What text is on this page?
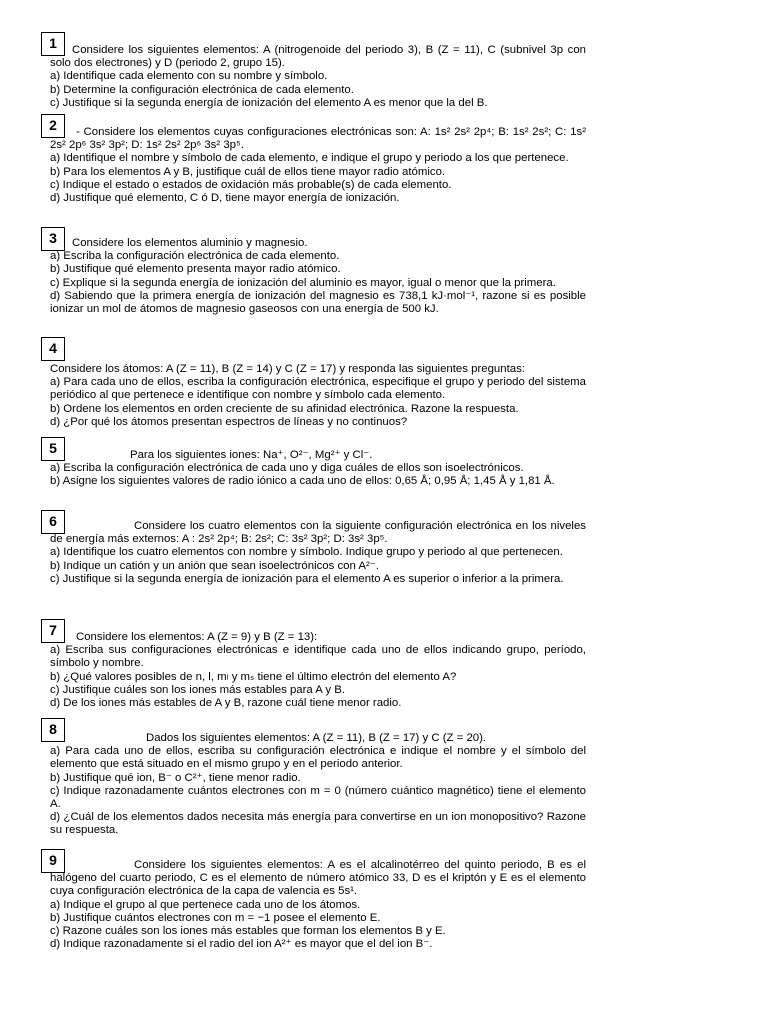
1	Considere los siguientes elementos: A (nitrogenoide del periodo 3), B (Z = 11), C (subnivel 3p con solo dos electrones) y D (periodo 2, grupo 15).
a) Identifique cada elemento con su nombre y símbolo.
b) Determine la configuración electrónica de cada elemento.
c) Justifique si la segunda energía de ionización del elemento A es menor que la del B.
2	- Considere los elementos cuyas configuraciones electrónicas son: A: 1s² 2s² 2p⁴; B: 1s² 2s²; C: 1s² 2s² 2p⁶ 3s² 3p²; D: 1s² 2s² 2p⁶ 3s² 3p⁵.
a) Identifique el nombre y símbolo de cada elemento, e indique el grupo y periodo a los que pertenece.
b) Para los elementos A y B, justifique cuál de ellos tiene mayor radio atómico.
c) Indique el estado o estados de oxidación más probable(s) de cada elemento.
d) Justifique qué elemento, C ó D, tiene mayor energía de ionización.
3	Considere los elementos aluminio y magnesio.
a) Escriba la configuración electrónica de cada elemento.
b) Justifique qué elemento presenta mayor radio atómico.
c) Explique si la segunda energía de ionización del aluminio es mayor, igual o menor que la primera.
d) Sabiendo que la primera energía de ionización del magnesio es 738,1 kJ·mol⁻¹, razone si es posible ionizar un mol de átomos de magnesio gaseosos con una energía de 500 kJ.
4
Considere los átomos: A (Z = 11), B (Z = 14) y C (Z = 17) y responda las siguientes preguntas:
a) Para cada uno de ellos, escriba la configuración electrónica, especifique el grupo y periodo del sistema periódico al que pertenece e identifique con nombre y símbolo cada elemento.
b) Ordene los elementos en orden creciente de su afinidad electrónica. Razone la respuesta.
d) ¿Por qué los átomos presentan espectros de líneas y no continuos?
5	Para los siguientes iones: Na⁺, O²⁻, Mg²⁺ y Cl⁻.
a) Escriba la configuración electrónica de cada uno y diga cuáles de ellos son isoelectrónicos.
b) Asigne los siguientes valores de radio iónico a cada uno de ellos: 0,65 Å; 0,95 Å; 1,45 Å y 1,81 Å.
6	Considere los cuatro elementos con la siguiente configuración electrónica en los niveles de energía más externos: A : 2s² 2p⁴; B: 2s²; C: 3s² 3p²; D: 3s² 3p⁵.
a) Identifique los cuatro elementos con nombre y símbolo. Indique grupo y periodo al que pertenecen.
b) Indique un catión y un anión que sean isoelectrónicos con A²⁻.
c) Justifique si la segunda energía de ionización para el elemento A es superior o inferior a la primera.
7	Considere los elementos: A (Z = 9) y B (Z = 13):
a) Escriba sus configuraciones electrónicas e identifique cada uno de ellos indicando grupo, período, símbolo y nombre.
b) ¿Qué valores posibles de n, l, mₗ y mₛ tiene el último electrón del elemento A?
c) Justifique cuáles son los iones más estables para A y B.
d) De los iones más estables de A y B, razone cuál tiene menor radio.
8
Dados los siguientes elementos: A (Z = 11), B (Z = 17) y C (Z = 20).
a) Para cada uno de ellos, escriba su configuración electrónica e indique el nombre y el símbolo del elemento que está situado en el mismo grupo y en el periodo anterior.
b) Justifique qué ion, B⁻ o C²⁺, tiene menor radio.
c) Indique razonadamente cuántos electrones con m = 0 (número cuántico magnético) tiene el elemento A.
d) ¿Cuál de los elementos dados necesita más energía para convertirse en un ion monopositivo? Razone su respuesta.
9	Considere los siguientes elementos: A es el alcalinotérreo del quinto periodo, B es el halógeno del cuarto periodo, C es el elemento de número atómico 33, D es el kriptón y E es el elemento cuya configuración electrónica de la capa de valencia es 5s¹.
a) Indique el grupo al que pertenece cada uno de los átomos.
b) Justifique cuántos electrones con m = −1 posee el elemento E.
c) Razone cuáles son los iones más estables que forman los elementos B y E.
d) Indique razonadamente si el radio del ion A²⁺ es mayor que el del ion B⁻.
